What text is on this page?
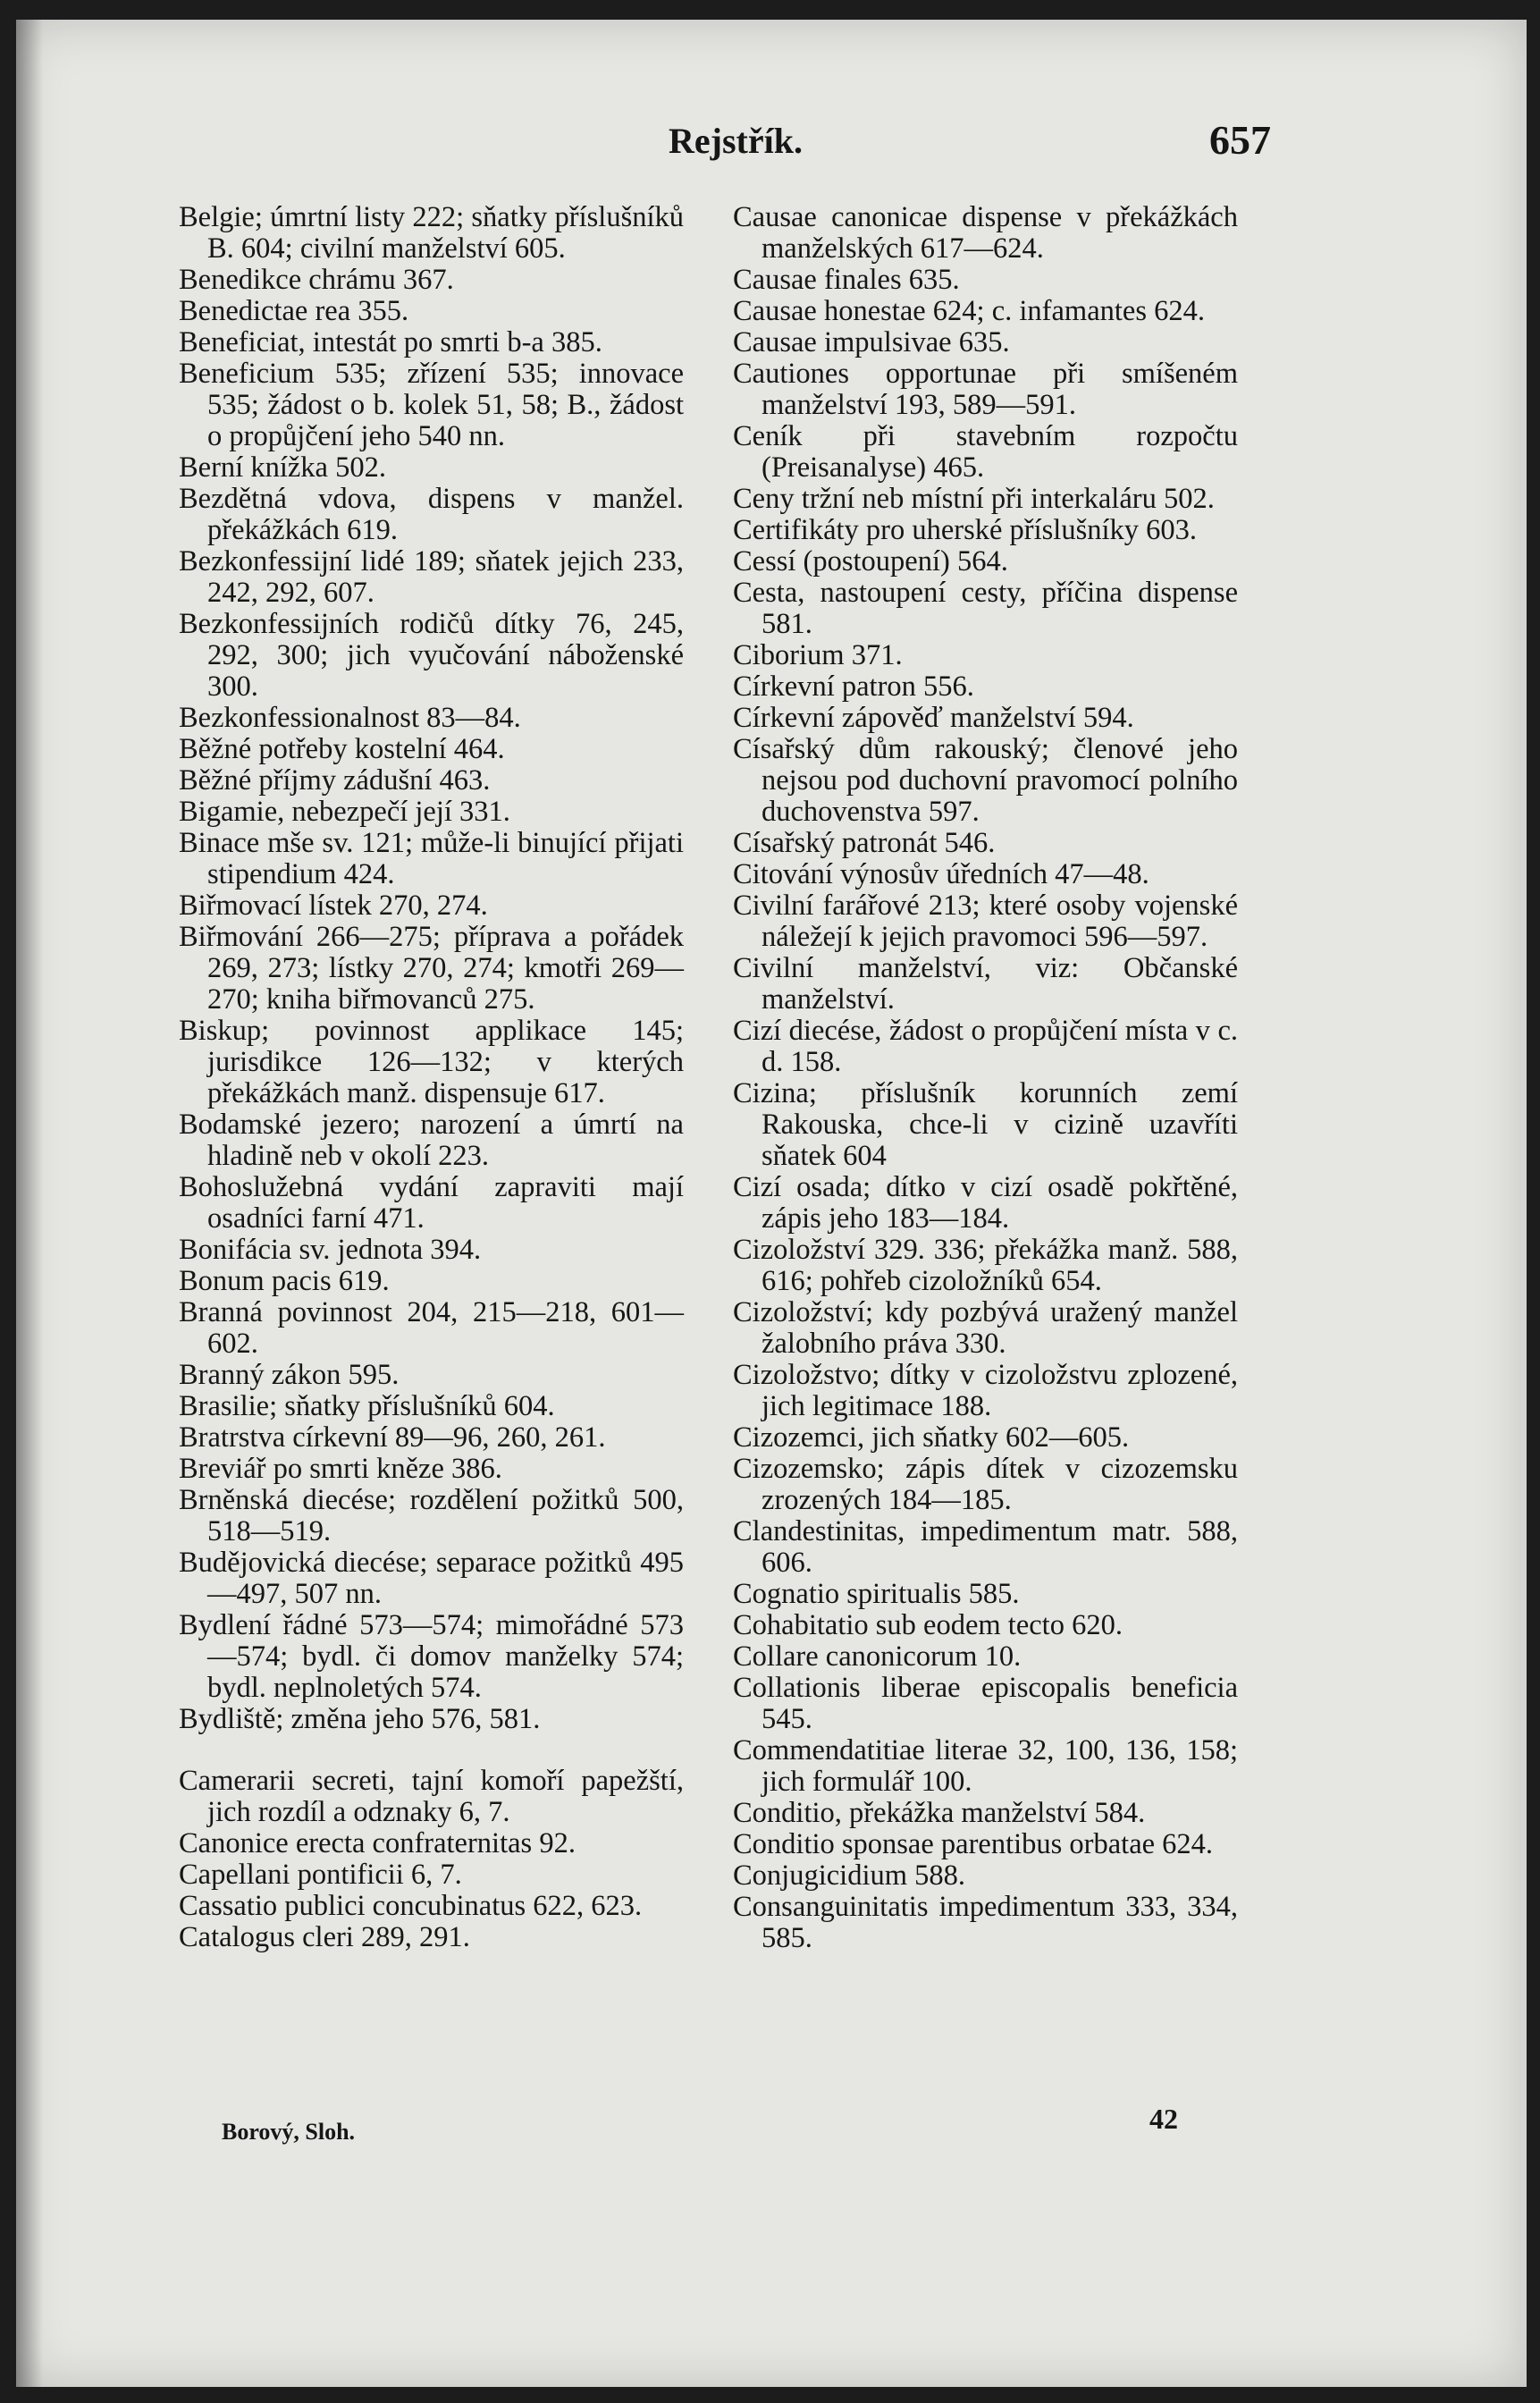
Rejstřík.	657

Belgie; úmrtní listy 222; sňatky příslušníků B. 604; civilní manželství 605.

Benedikce chrámu 367.

Benedictae rea 355.

Beneficiat, intestát po smrti b-a 385.

Beneficium 535; zřízení 535; innovace 535; žádost o b. kolek 51, 58; B., žádost o propůjčení jeho 540 nn.

Berní knížka 502.

Bezdětná vdova, dispens v manžel. překážkách 619.

Bezkonfessijní lidé 189; sňatek jejich 233, 242, 292, 607.

Bezkonfessijních rodičů dítky 76, 245, 292, 300; jich vyučování náboženské 300.

Bezkonfessionalnost 83—84.

Běžné potřeby kostelní 464.

Běžné příjmy zádušní 463.

Bigamie, nebezpečí její 331.

Binace mše sv. 121; může-li binující přijati stipendium 424.

Biřmovací lístek 270, 274.

Biřmování 266—275; příprava a pořádek 269, 273; lístky 270, 274; kmotři 269—270; kniha biřmovanců 275.

Biskup; povinnost applikace 145; jurisdikce 126—132; v kterých překážkách manž. dispensuje 617.

Bodamské jezero; narození a úmrtí na hladině neb v okolí 223.

Bohoslužebná vydání zapraviti mají osadníci farní 471.

Bonifácia sv. jednota 394.

Bonum pacis 619.

Branná povinnost 204, 215—218, 601—602.

Branný zákon 595.

Brasilie; sňatky příslušníků 604.

Bratrstva církevní 89—96, 260, 261.

Breviář po smrti kněze 386.

Brněnská diecése; rozdělení požitků 500, 518—519.

Budějovická diecése; separace požitků 495—497, 507 nn.

Bydlení řádné 573—574; mimořádné 573—574; bydl. či domov manželky 574; bydl. neplnoletých 574.

Bydliště; změna jeho 576, 581.

Camerarii secreti, tajní komoří papežští, jich rozdíl a odznaky 6, 7.

Canonice erecta confraternitas 92.

Capellani pontificii 6, 7.

Cassatio publici concubinatus 622, 623.

Catalogus cleri 289, 291.

Causae canonicae dispense v překážkách manželských 617—624.

Causae finales 635.

Causae honestae 624; c. infamantes 624.

Causae impulsivae 635.

Cautiones opportunae při smíšeném manželství 193, 589—591.

Ceník při stavebním rozpočtu (Preisanalyse) 465.

Ceny tržní neb místní při interkaláru 502.

Certifikáty pro uherské příslušníky 603.

Cessí (postoupení) 564.

Cesta, nastoupení cesty, příčina dispense 581.

Ciborium 371.

Církevní patron 556.

Církevní zápověď manželství 594.

Císařský dům rakouský; členové jeho nejsou pod duchovní pravomocí polního duchovenstva 597.

Císařský patronát 546.

Citování výnosův úředních 47—48.

Civilní farářové 213; které osoby vojenské náležejí k jejich pravomoci 596—597.

Civilní manželství, viz: Občanské manželství.

Cizí diecése, žádost o propůjčení místa v c. d. 158.

Cizina; příslušník korunních zemí Rakouska, chce-li v cizině uzavříti sňatek 604

Cizí osada; dítko v cizí osadě pokřtěné, zápis jeho 183—184.

Cizoložství 329. 336; překážka manž. 588, 616; pohřeb cizoložníků 654.

Cizoložství; kdy pozbývá uražený manžel žalobního práva 330.

Cizoložstvo; dítky v cizoložstvu zplozené, jich legitimace 188.

Cizozemci, jich sňatky 602—605.

Cizozemsko; zápis dítek v cizozemsku zrozených 184—185.

Clandestinitas, impedimentum matr. 588, 606.

Cognatio spiritualis 585.

Cohabitatio sub eodem tecto 620.

Collare canonicorum 10.

Collationis liberae episcopalis beneficia 545.

Commendatitiae literae 32, 100, 136, 158; jich formulář 100.

Conditio, překážka manželství 584.

Conditio sponsae parentibus orbatae 624.

Conjugicidium 588.

Consanguinitatis impedimentum 333, 334, 585.

Borový, Sloh.	42
